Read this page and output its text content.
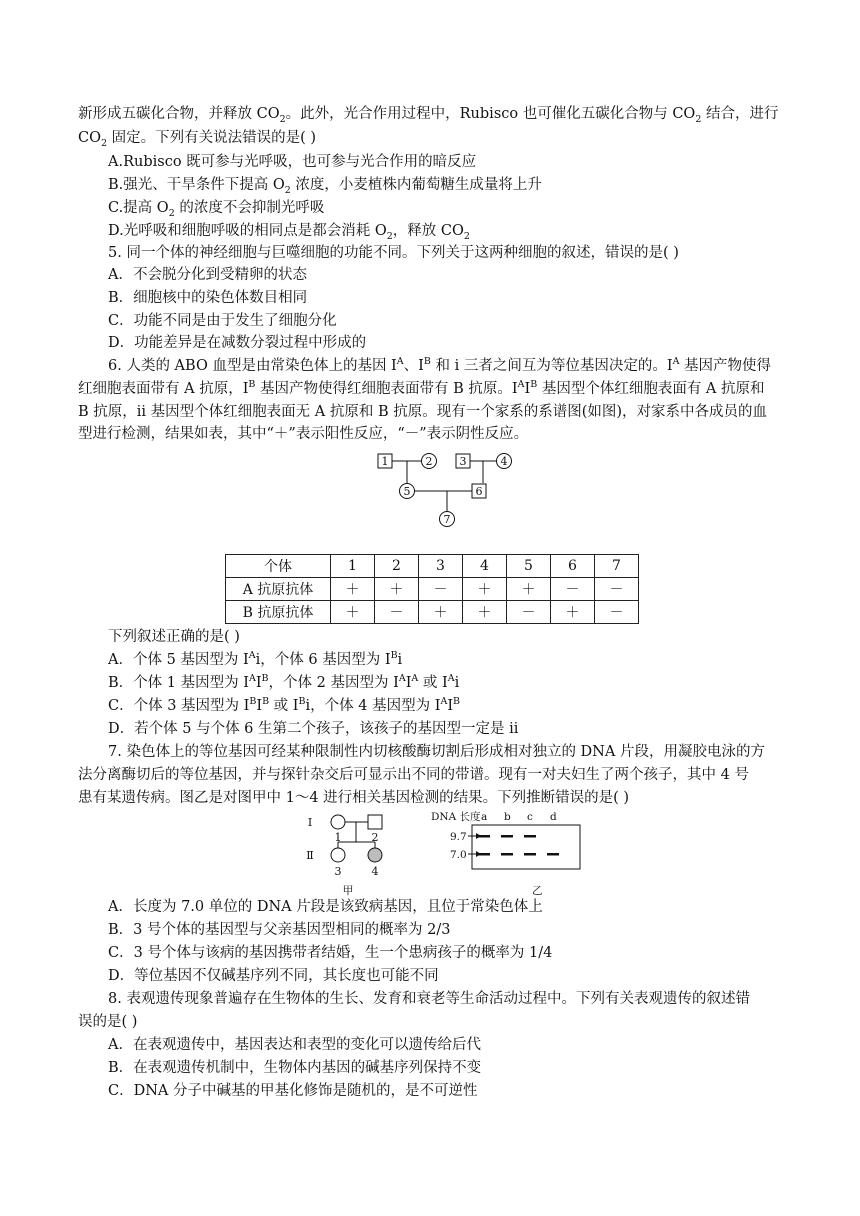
新形成五碳化合物，并释放 $CO_2$。此外，光合作用过程中，Rubisco 也可催化五碳化合物与 $CO_2$ 结合，进行
$CO_2$ 固定。下列有关说法错误的是( )
A.Rubisco 既可参与光呼吸，也可参与光合作用的暗反应
B.强光、干旱条件下提高 $O_2$ 浓度，小麦植株内葡萄糖生成量将上升
C.提高 $O_2$ 的浓度不会抑制光呼吸
D.光呼吸和细胞呼吸的相同点是都会消耗 $O_2$，释放 $CO_2$
5. 同一个体的神经细胞与巨噬细胞的功能不同。下列关于这两种细胞的叙述，错误的是( )
A．不会脱分化到受精卵的状态
B．细胞核中的染色体数目相同
C．功能不同是由于发生了细胞分化
D．功能差异是在减数分裂过程中形成的
6. 人类的 ABO 血型是由常染色体上的基因 $I^A$、$I^B$ 和 i 三者之间互为等位基因决定的。$I^A$ 基因产物使得
红细胞表面带有 A 抗原，$I^B$ 基因产物使得红细胞表面带有 B 抗原。$I^AI^B$ 基因型个体红细胞表面有 A 抗原和
B 抗原，ii 基因型个体红细胞表面无 A 抗原和 B 抗原。现有一个家系的系谱图(如图)，对家系中各成员的血
型进行检测，结果如表，其中“＋”表示阳性反应，“－”表示阴性反应。
1	2 3	4
5	6
7
个体	1	2	3	4	5	6	7
A 抗原抗体	＋	＋	－	＋	＋	－	－
B 抗原抗体	＋	－	＋	＋	－	＋	－
下列叙述正确的是( )
A．个体 5 基因型为 $I^Ai$，个体 6 基因型为 $I^Bi$
B．个体 1 基因型为 $I^AI^B$，个体 2 基因型为 $I^AI^A$ 或 $I^Ai$
C．个体 3 基因型为 $I^BI^B$ 或 $I^Bi$，个体 4 基因型为 $I^AI^B$
D．若个体 5 与个体 6 生第二个孩子，该孩子的基因型一定是 ii
7. 染色体上的等位基因可经某种限制性内切核酸酶切割后形成相对独立的 DNA 片段，用凝胶电泳的方
法分离酶切后的等位基因，并与探针杂交后可显示出不同的带谱。现有一对夫妇生了两个孩子，其中 4 号
患有某遗传病。图乙是对图甲中 1～4 进行相关基因检测的结果。下列推断错误的是( )
Ⅰ
Ⅱ
1	2
3	4
甲
DNA 长度 a b c d
9.7
7.0
乙
A．长度为 7.0 单位的 DNA 片段是该致病基因，且位于常染色体上
B．3 号个体的基因型与父亲基因型相同的概率为 2/3
C．3 号个体与该病的基因携带者结婚，生一个患病孩子的概率为 1/4
D．等位基因不仅碱基序列不同，其长度也可能不同
8. 表观遗传现象普遍存在生物体的生长、发育和衰老等生命活动过程中。下列有关表观遗传的叙述错
误的是( )
A．在表观遗传中，基因表达和表型的变化可以遗传给后代
B．在表观遗传机制中，生物体内基因的碱基序列保持不变
C．DNA 分子中碱基的甲基化修饰是随机的，是不可逆性
